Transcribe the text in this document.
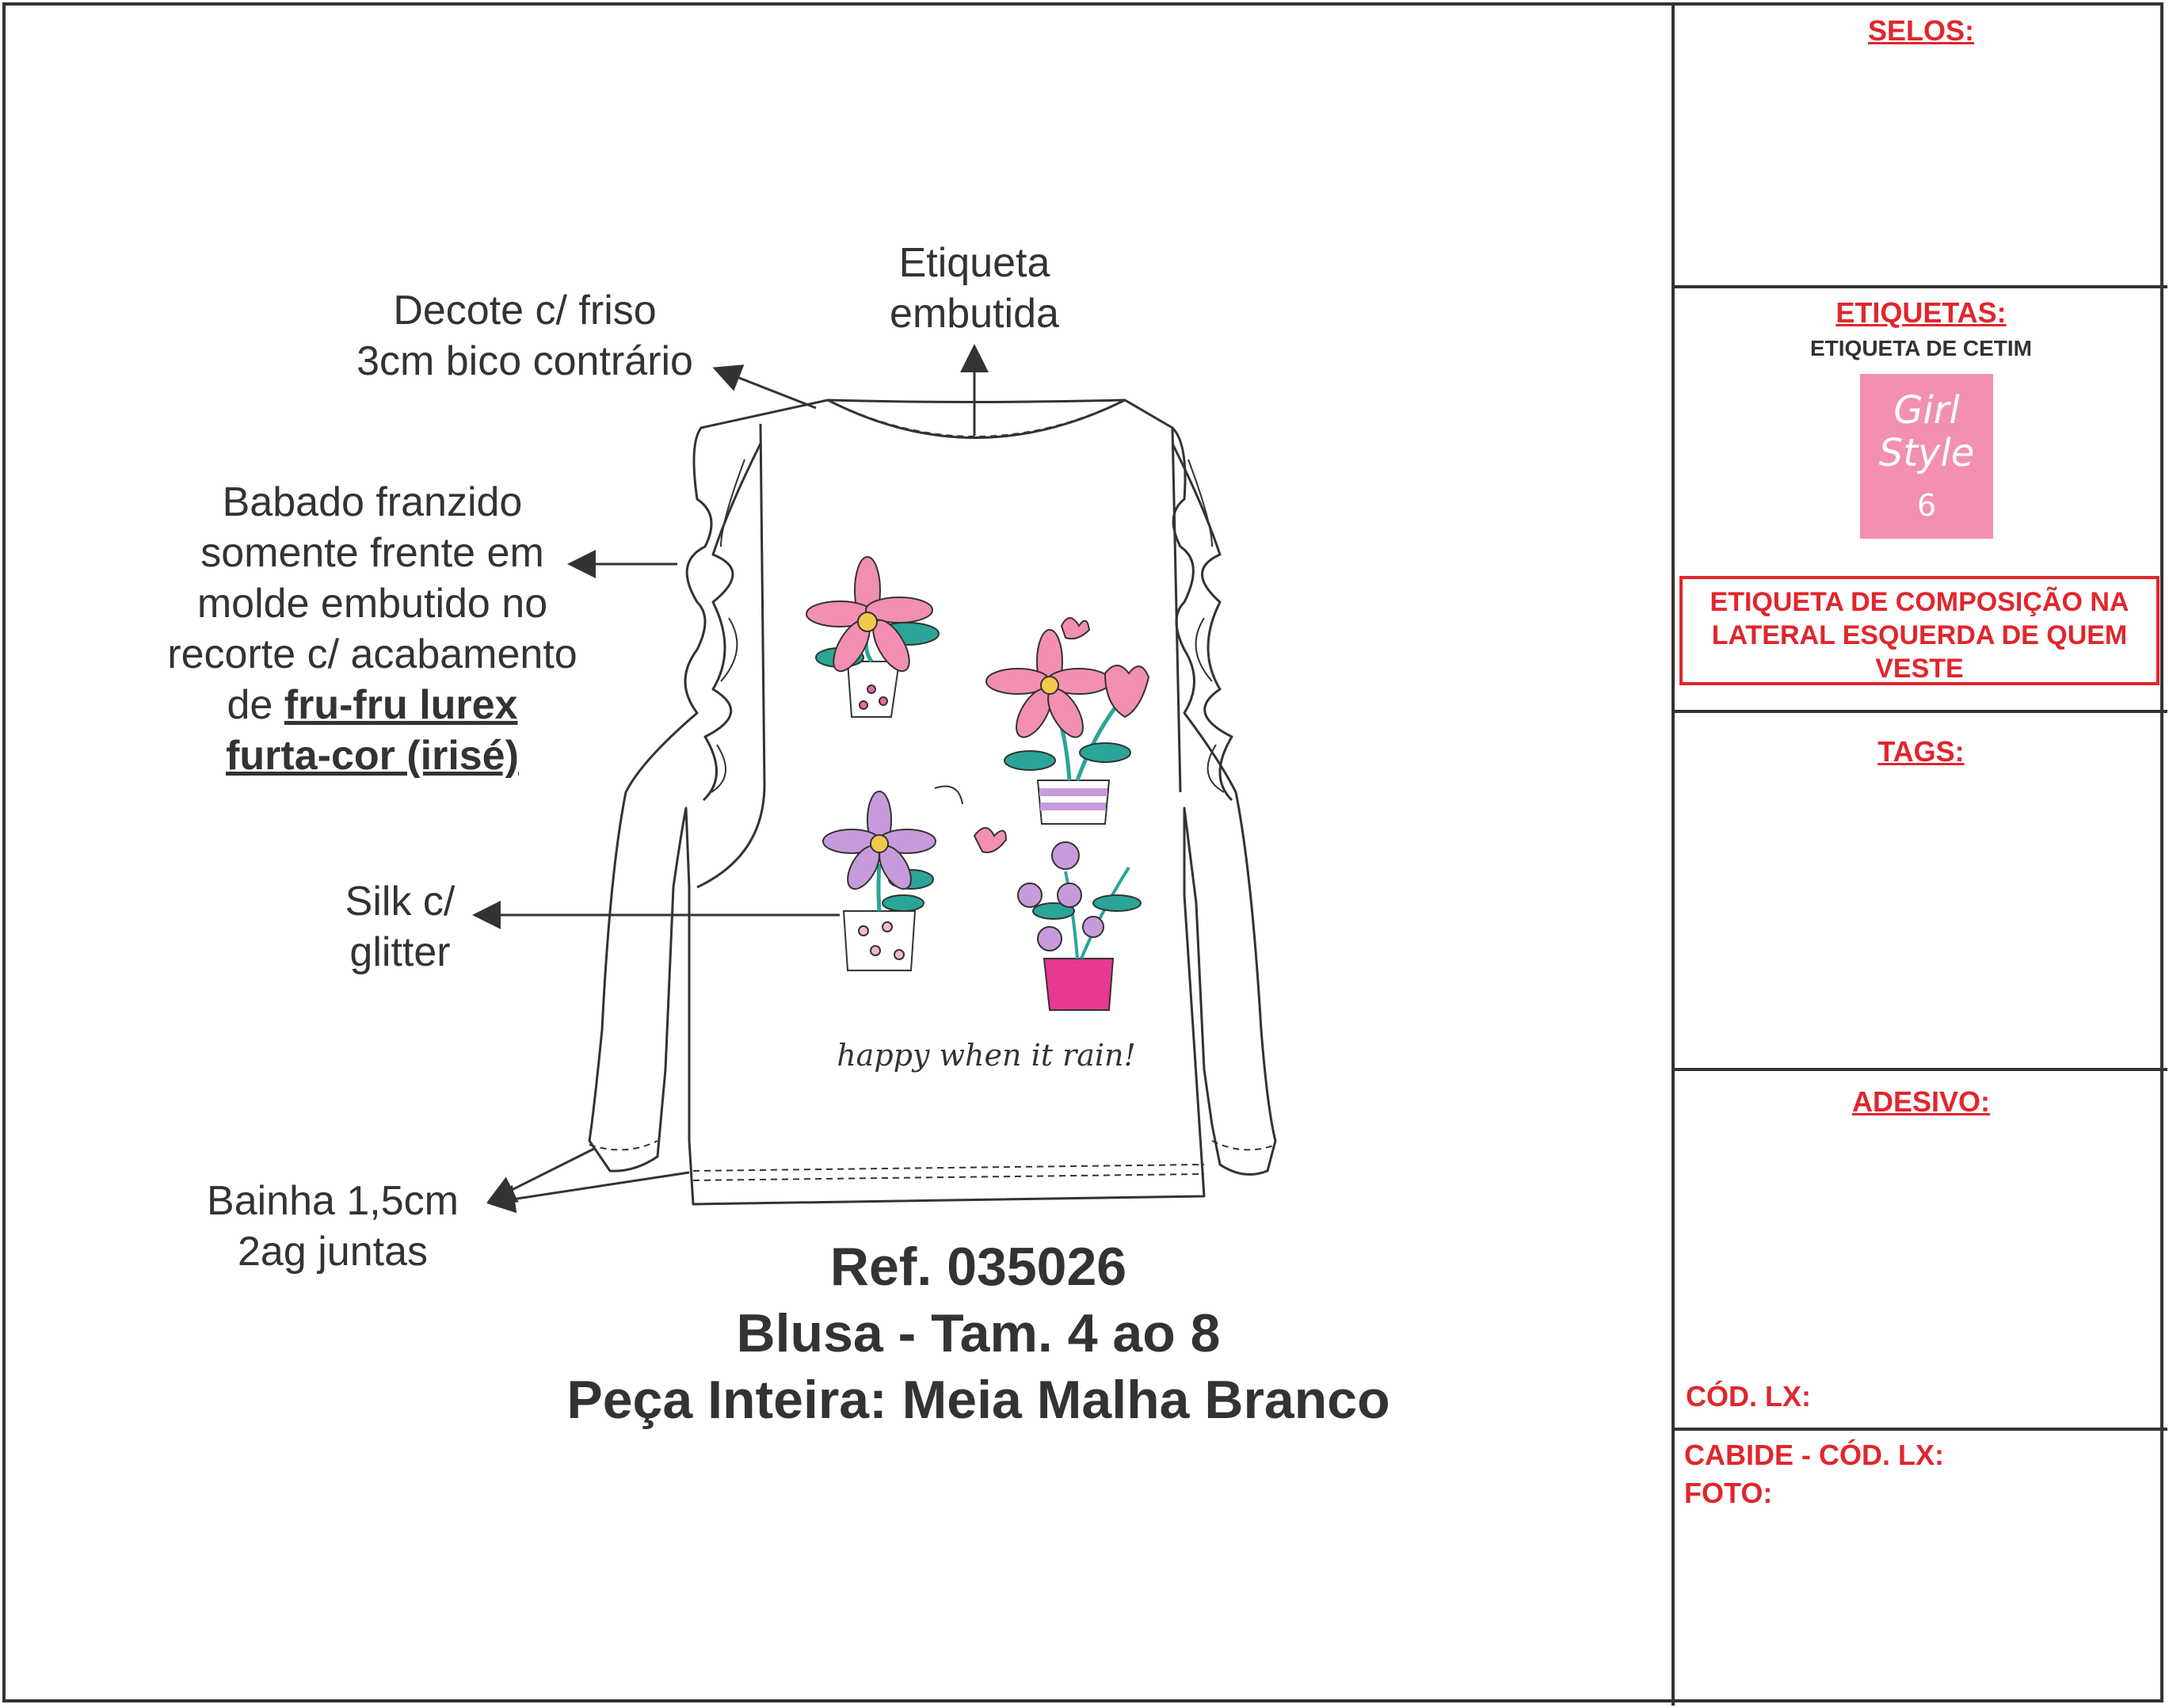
SELOS:
ETIQUETAS:
ETIQUETA DE CETIM
Girl
Style
6
ETIQUETA DE COMPOSIÇÃO NA LATERAL ESQUERDA DE QUEM VESTE
TAGS:
ADESIVO:
CÓD. LX:
CABIDE - CÓD. LX:
FOTO:
happy when it rain!
Etiqueta
embutida
Decote c/ friso
3cm bico contrário
Babado franzido
somente frente em
molde embutido no
recorte c/ acabamento
de fru-fru lurex
furta-cor (irisé)
Silk c/
glitter
Bainha 1,5cm
2ag juntas	Ref. 035026
Blusa - Tam. 4 ao 8
Peça Inteira: Meia Malha Branco
